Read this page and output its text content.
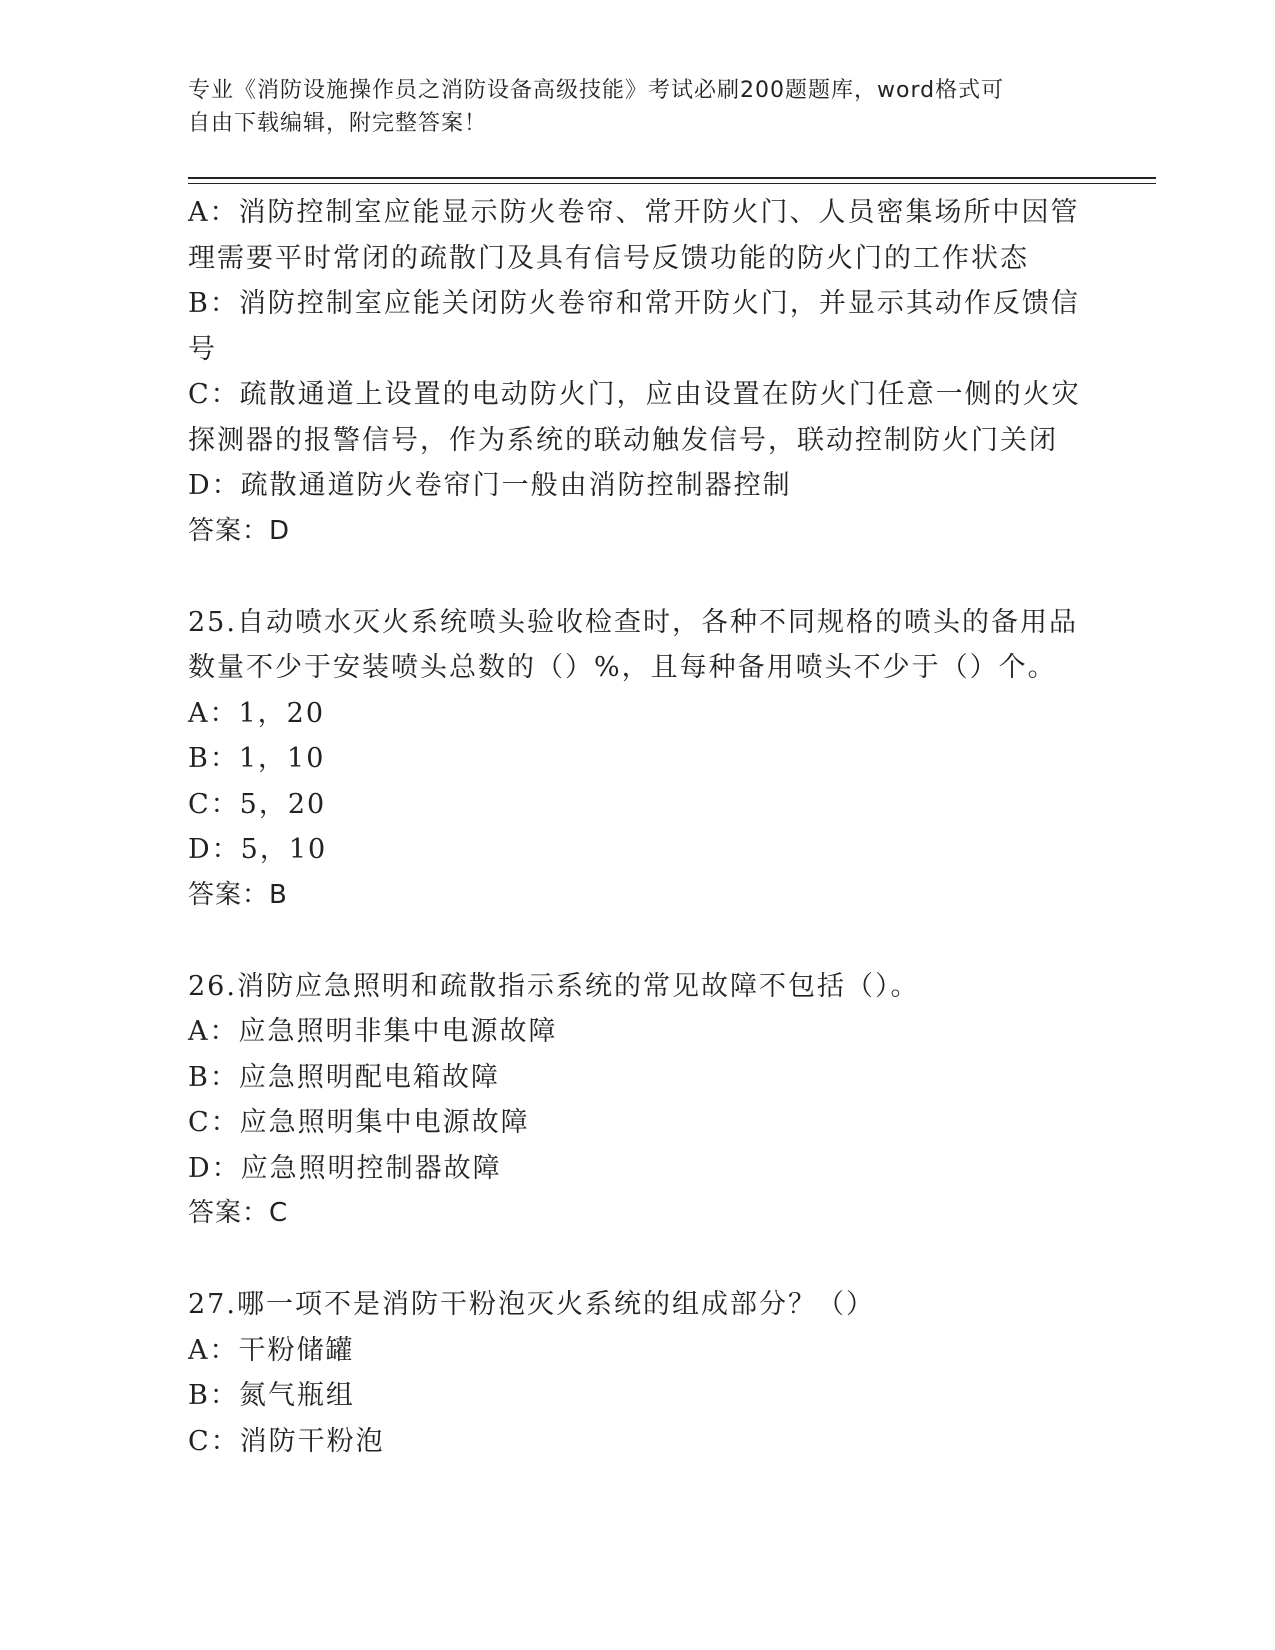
专业《消防设施操作员之消防设备高级技能》考试必刷200题题库，word格式可
自由下载编辑，附完整答案！

A：消防控制室应能显示防火卷帘、常开防火门、人员密集场所中因管

理需要平时常闭的疏散门及具有信号反馈功能的防火门的工作状态

B：消防控制室应能关闭防火卷帘和常开防火门，并显示其动作反馈信

号

C：疏散通道上设置的电动防火门，应由设置在防火门任意一侧的火灾

探测器的报警信号，作为系统的联动触发信号，联动控制防火门关闭

D：疏散通道防火卷帘门一般由消防控制器控制

答案：D

25.自动喷水灭火系统喷头验收检查时，各种不同规格的喷头的备用品

数量不少于安装喷头总数的（）%，且每种备用喷头不少于（）个。

A：1，20

B：1，10

C：5，20

D：5，10

答案：B

26.消防应急照明和疏散指示系统的常见故障不包括（）。

A：应急照明非集中电源故障

B：应急照明配电箱故障

C：应急照明集中电源故障

D：应急照明控制器故障

答案：C

27.哪一项不是消防干粉泡灭火系统的组成部分？（）

A：干粉储罐

B：氮气瓶组

C：消防干粉泡
